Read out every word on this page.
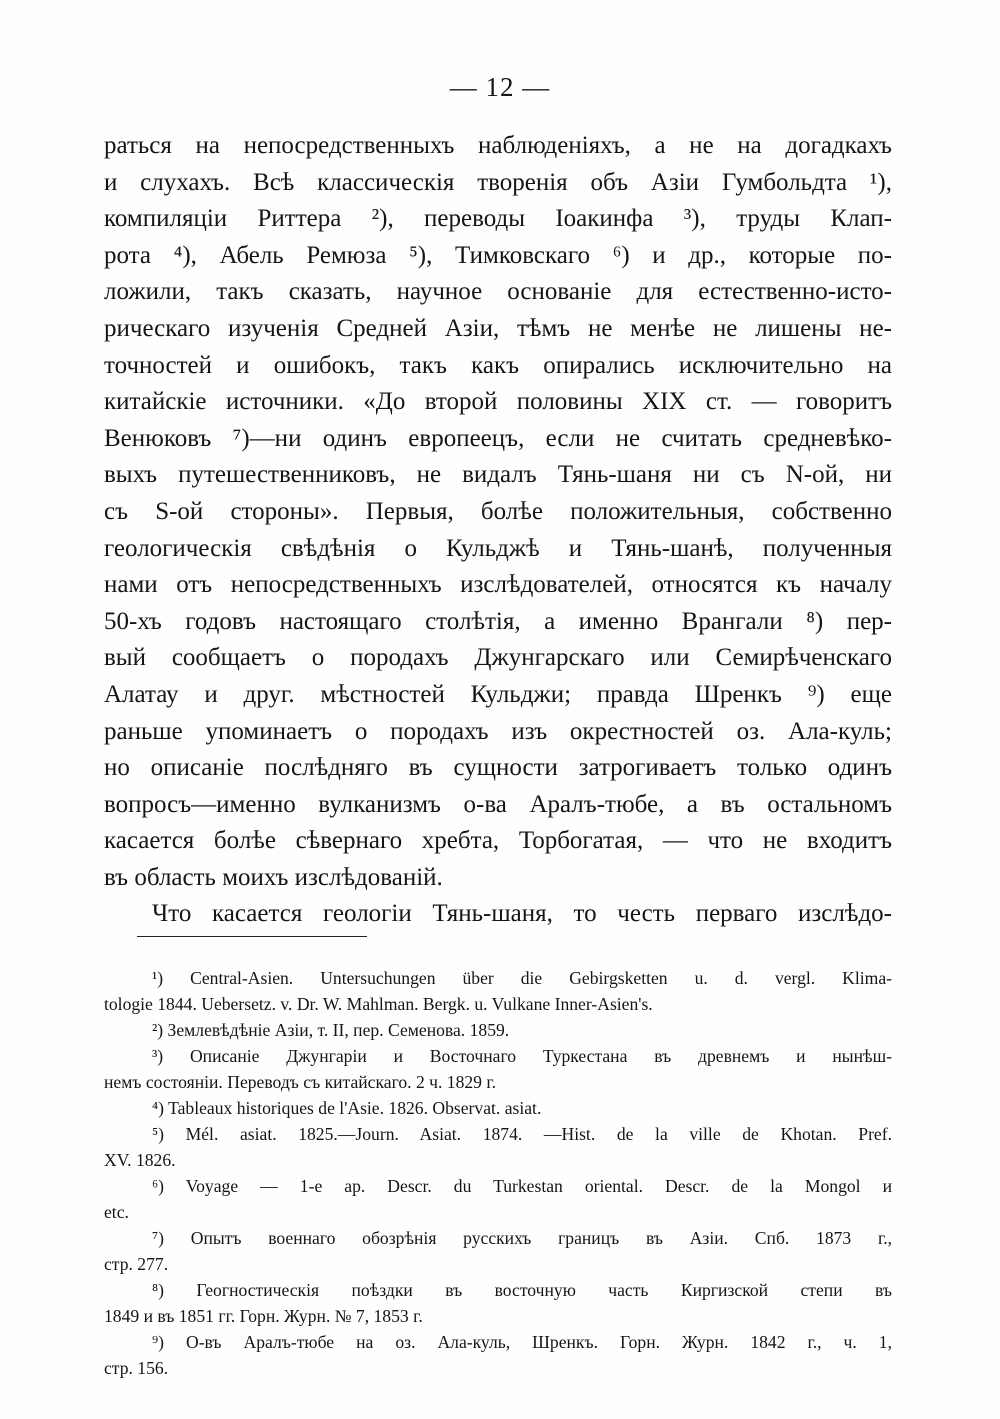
— 12 —
раться на непосредственныхъ наблюденіяхъ, а не на догадкахъ
и слухахъ. Всѣ классическія творенія объ Азіи Гумбольдта ¹),
компиляціи Риттера ²), переводы Іоакинфа ³), труды Клап-
рота ⁴), Абель Ремюза ⁵), Тимковскаго ⁶) и др., которые по-
ложили, такъ сказать, научное основаніе для естественно-исто-
рическаго изученія Средней Азіи, тѣмъ не менѣе не лишены не-
точностей и ошибокъ, такъ какъ опирались исключительно на
китайскіе источники. «До второй половины XIX ст. — говоритъ
Венюковъ ⁷)—ни одинъ европеецъ, если не считать средневѣко-
выхъ путешественниковъ, не видалъ Тянь-шаня ни съ N-ой, ни
съ S-ой стороны». Первыя, болѣе положительныя, собственно
геологическія свѣдѣнія о Кульджѣ и Тянь-шанѣ, полученныя
нами отъ непосредственныхъ изслѣдователей, относятся къ началу
50-хъ годовъ настоящаго столѣтія, а именно Врангали ⁸) пер-
вый сообщаетъ о породахъ Джунгарскаго или Семирѣченскаго
Алатау и друг. мѣстностей Кульджи; правда Шренкъ ⁹) еще
раньше упоминаетъ о породахъ изъ окрестностей оз. Ала-куль;
но описаніе послѣдняго въ сущности затрогиваетъ только одинъ
вопросъ—именно вулканизмъ о-ва Аралъ-тюбе, а въ остальномъ
касается болѣе сѣвернаго хребта, Торбогатая, — что не входитъ
въ область моихъ изслѣдованій.
Что касается геологіи Тянь-шаня, то честь перваго изслѣдо-
¹) Central-Asien. Untersuchungen über die Gebirgsketten u. d. vergl. Klima-
tologie 1844. Uebersetz. v. Dr. W. Mahlman. Bergk. u. Vulkane Inner-Asien's.
²) Землевѣдѣніе Азіи, т. II, пер. Семенова. 1859.
³) Описаніе Джунгаріи и Восточнаго Туркестана въ древнемъ и нынѣш-
немъ состояніи. Переводъ съ китайскаго. 2 ч. 1829 г.
⁴) Tableaux historiques de l'Asie. 1826. Observat. asiat.
⁵) Mél. asiat. 1825.—Journ. Asiat. 1874. —Hist. de la ville de Khotan. Pref.
XV. 1826.
⁶) Voyage — 1-e ар. Descr. du Turkestan oriental. Descr. de la Mongol и
etc.
⁷) Опытъ военнаго обозрѣнія русскихъ границъ въ Азіи. Спб. 1873 г.,
стр. 277.
⁸) Геогностическія поѣздки въ восточную часть Киргизской степи въ
1849 и въ 1851 гг. Горн. Журн. № 7, 1853 г.
⁹) О-въ Аралъ-тюбе на оз. Ала-куль, Шренкъ. Горн. Журн. 1842 г., ч. 1,
стр. 156.
